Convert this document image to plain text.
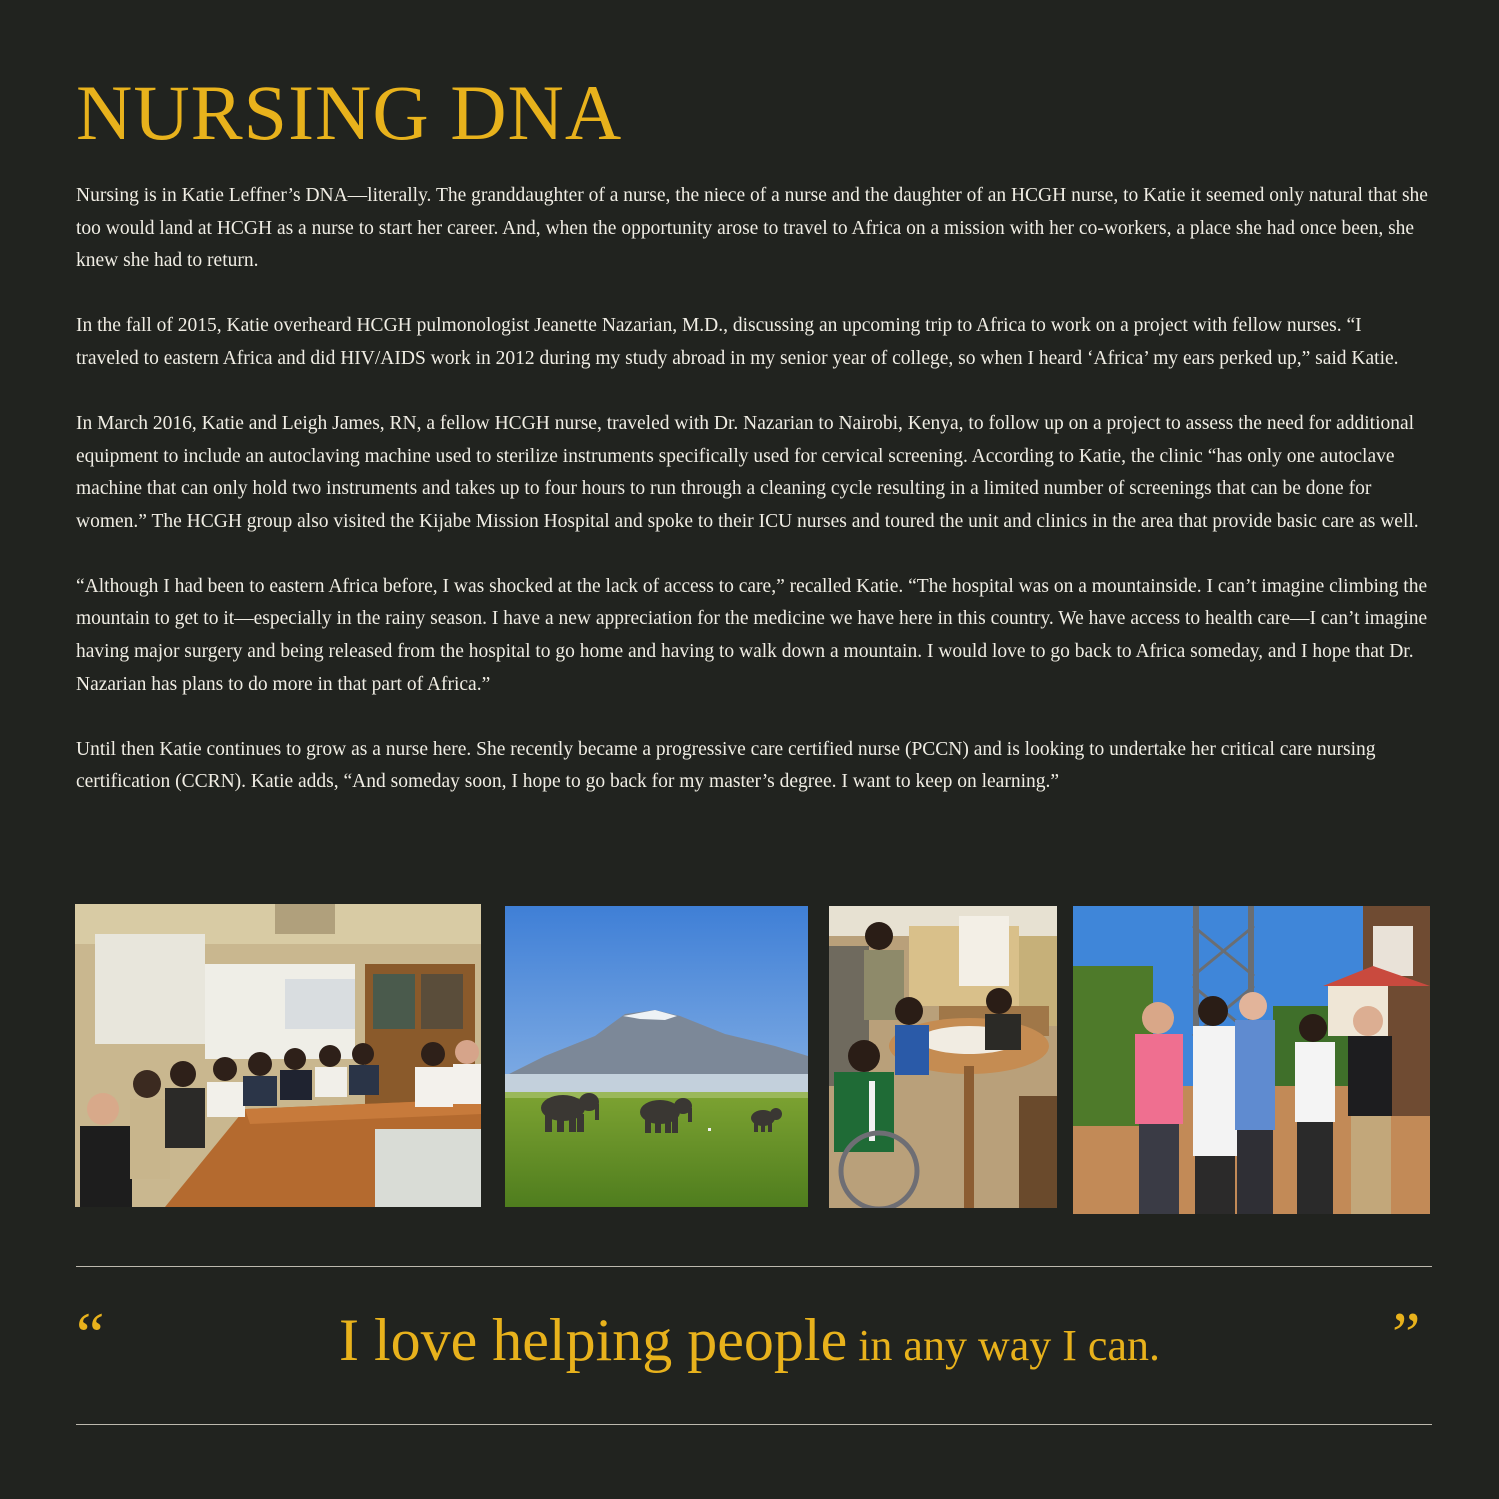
NURSING DNA

Nursing is in Katie Leffner’s DNA—literally. The granddaughter of a nurse, the niece of a nurse and the daughter of an HCGH nurse, to Katie it seemed only natural that she too would land at HCGH as a nurse to start her career. And, when the opportunity arose to travel to Africa on a mission with her co-workers, a place she had once been, she knew she had to return.

In the fall of 2015, Katie overheard HCGH pulmonologist Jeanette Nazarian, M.D., discussing an upcoming trip to Africa to work on a project with fellow nurses. “I traveled to eastern Africa and did HIV/AIDS work in 2012 during my study abroad in my senior year of college, so when I heard ‘Africa’ my ears perked up,” said Katie.

In March 2016, Katie and Leigh James, RN, a fellow HCGH nurse, traveled with Dr. Nazarian to Nairobi, Kenya, to follow up on a project to assess the need for additional equipment to include an autoclaving machine used to sterilize instruments specifically used for cervical screening. According to Katie, the clinic “has only one autoclave machine that can only hold two instruments and takes up to four hours to run through a cleaning cycle resulting in a limited number of screenings that can be done for women.” The HCGH group also visited the Kijabe Mission Hospital and spoke to their ICU nurses and toured the unit and clinics in the area that provide basic care as well.

“Although I had been to eastern Africa before, I was shocked at the lack of access to care,” recalled Katie. “The hospital was on a mountainside. I can’t imagine climbing the mountain to get to it—especially in the rainy season. I have a new appreciation for the medicine we have here in this country. We have access to health care—I can’t imagine having major surgery and being released from the hospital to go home and having to walk down a mountain. I would love to go back to Africa someday, and I hope that Dr. Nazarian has plans to do more in that part of Africa.”

Until then Katie continues to grow as a nurse here. She recently became a progressive care certified nurse (PCCN) and is looking to undertake her critical care nursing certification (CCRN). Katie adds, “And someday soon, I hope to go back for my master’s degree. I want to keep on learning.”

“	I love helping people in any way I can.	”
